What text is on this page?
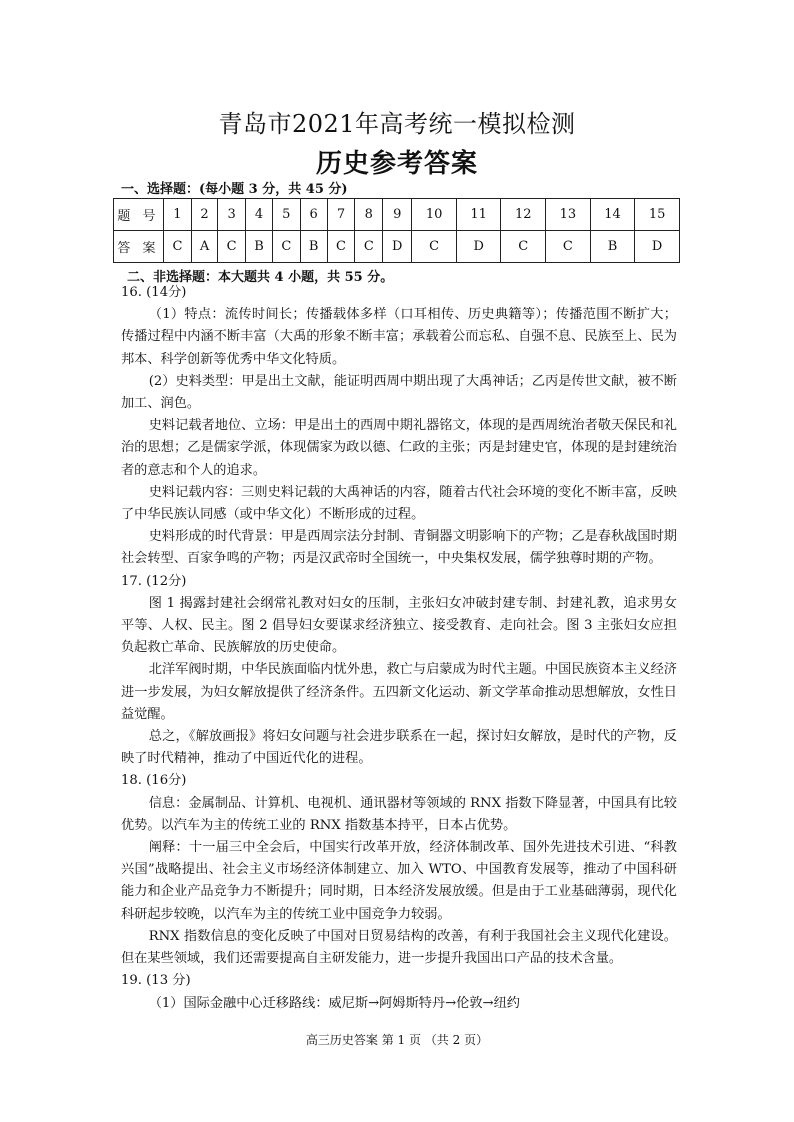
青岛市2021年高考统一模拟检测
历史参考答案
一、选择题：(每小题 3 分，共 45 分)
题 号	1	2	3	4	5	6	7	8	9	10	11	12	13	14	15
答 案	C	A	C	B	C	B	C	C	D	C	D	C	C	B	D
二、非选择题：本大题共 4 小题，共 55 分。

16. (14分)

（1）特点：流传时间长；传播载体多样（口耳相传、历史典籍等）；传播范围不断扩大；传播过程中内涵不断丰富（大禹的形象不断丰富；承载着公而忘私、自强不息、民族至上、民为邦本、科学创新等优秀中华文化特质。

(2）史料类型：甲是出土文献，能证明西周中期出现了大禹神话；乙丙是传世文献，被不断加工、润色。

史料记载者地位、立场：甲是出土的西周中期礼器铭文，体现的是西周统治者敬天保民和礼治的思想；乙是儒家学派，体现儒家为政以德、仁政的主张；丙是封建史官，体现的是封建统治者的意志和个人的追求。

史料记载内容：三则史料记载的大禹神话的内容，随着古代社会环境的变化不断丰富，反映了中华民族认同感（或中华文化）不断形成的过程。

史料形成的时代背景：甲是西周宗法分封制、青铜器文明影响下的产物；乙是春秋战国时期社会转型、百家争鸣的产物；丙是汉武帝时全国统一，中央集权发展，儒学独尊时期的产物。

17. (12分)

图 1 揭露封建社会纲常礼教对妇女的压制，主张妇女冲破封建专制、封建礼教，追求男女平等、人权、民主。图 2 倡导妇女要谋求经济独立、接受教育、走向社会。图 3 主张妇女应担负起救亡革命、民族解放的历史使命。

北洋军阀时期，中华民族面临内忧外患，救亡与启蒙成为时代主题。中国民族资本主义经济进一步发展，为妇女解放提供了经济条件。五四新文化运动、新文学革命推动思想解放，女性日益觉醒。

总之，《解放画报》将妇女问题与社会进步联系在一起，探讨妇女解放，是时代的产物，反映了时代精神，推动了中国近代化的进程。

18. (16分)

信息：金属制品、计算机、电视机、通讯器材等领域的 RNX 指数下降显著，中国具有比较优势。以汽车为主的传统工业的 RNX 指数基本持平，日本占优势。

阐释：十一届三中全会后，中国实行改革开放，经济体制改革、国外先进技术引进、“科教兴国”战略提出、社会主义市场经济体制建立、加入 WTO、中国教育发展等，推动了中国科研能力和企业产品竞争力不断提升；同时期，日本经济发展放缓。但是由于工业基础薄弱，现代化科研起步较晚，以汽车为主的传统工业中国竞争力较弱。

RNX 指数信息的变化反映了中国对日贸易结构的改善，有利于我国社会主义现代化建设。但在某些领域，我们还需要提高自主研发能力，进一步提升我国出口产品的技术含量。

19. (13 分)

（1）国际金融中心迁移路线：威尼斯→阿姆斯特丹→伦敦→纽约

高三历史答案 第 1 页 （共 2 页）
